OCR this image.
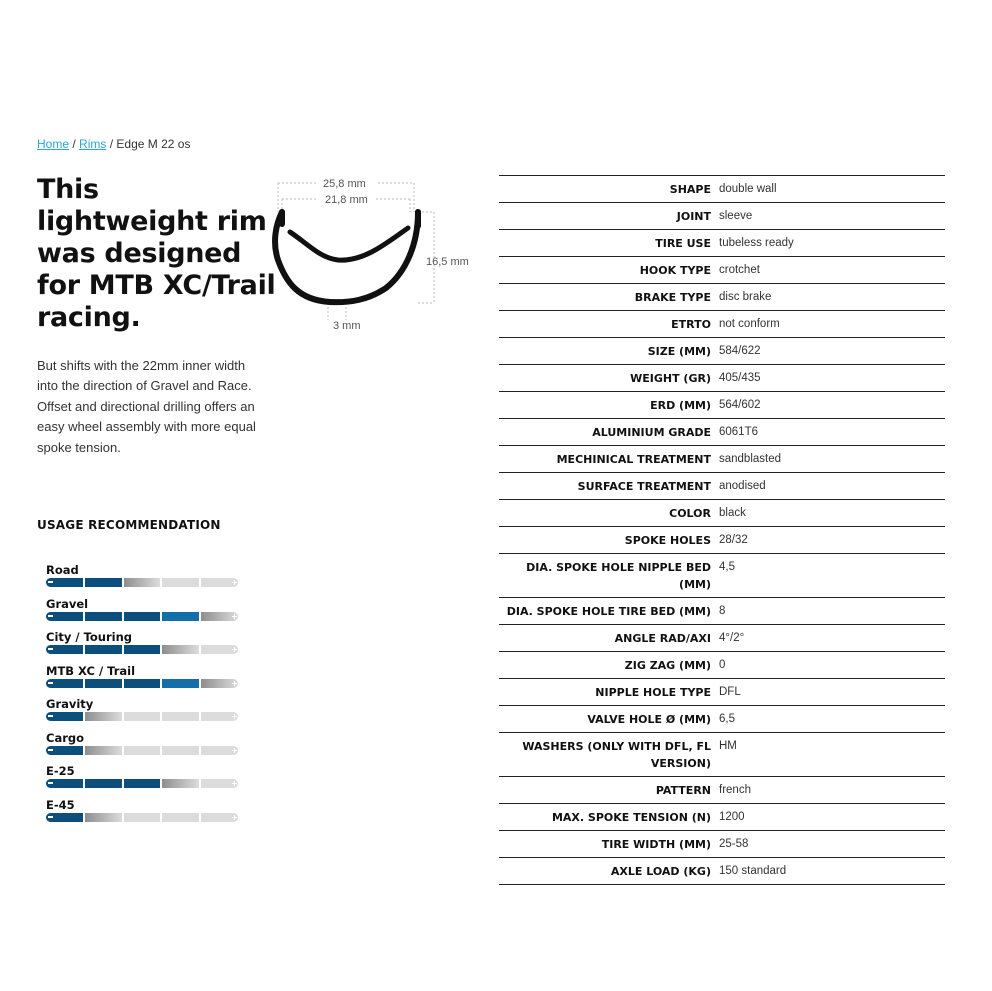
Home / Rims / Edge M 22 os
This lightweight rim was designed for MTB XC/Trail racing.
25,8 mm
21,8 mm
16,5 mm
3 mm

But shifts with the 22mm inner width into the direction of Gravel and Race. Offset and directional drilling offers an easy wheel assembly with more equal spoke tension.

USAGE RECOMMENDATION
Road
Gravel
City / Touring
MTB XC / Trail
Gravity
Cargo
E-25
E-45
SHAPE	double wall
JOINT	sleeve
TIRE USE	tubeless ready
HOOK TYPE	crotchet
BRAKE TYPE	disc brake
ETRTO	not conform
SIZE (MM)	584/622
WEIGHT (GR)	405/435
ERD (MM)	564/602
ALUMINIUM GRADE	6061T6
MECHINICAL TREATMENT	sandblasted
SURFACE TREATMENT	anodised
COLOR	black
SPOKE HOLES	28/32
DIA. SPOKE HOLE NIPPLE BED (MM)	4,5
DIA. SPOKE HOLE TIRE BED (MM)	8
ANGLE RAD/AXI	4°/2°
ZIG ZAG (MM)	0
NIPPLE HOLE TYPE	DFL
VALVE HOLE Ø (MM)	6,5
WASHERS (ONLY WITH DFL, FL VERSION)	HM
PATTERN	french
MAX. SPOKE TENSION (N)	1200
TIRE WIDTH (MM)	25-58
AXLE LOAD (KG)	150 standard
